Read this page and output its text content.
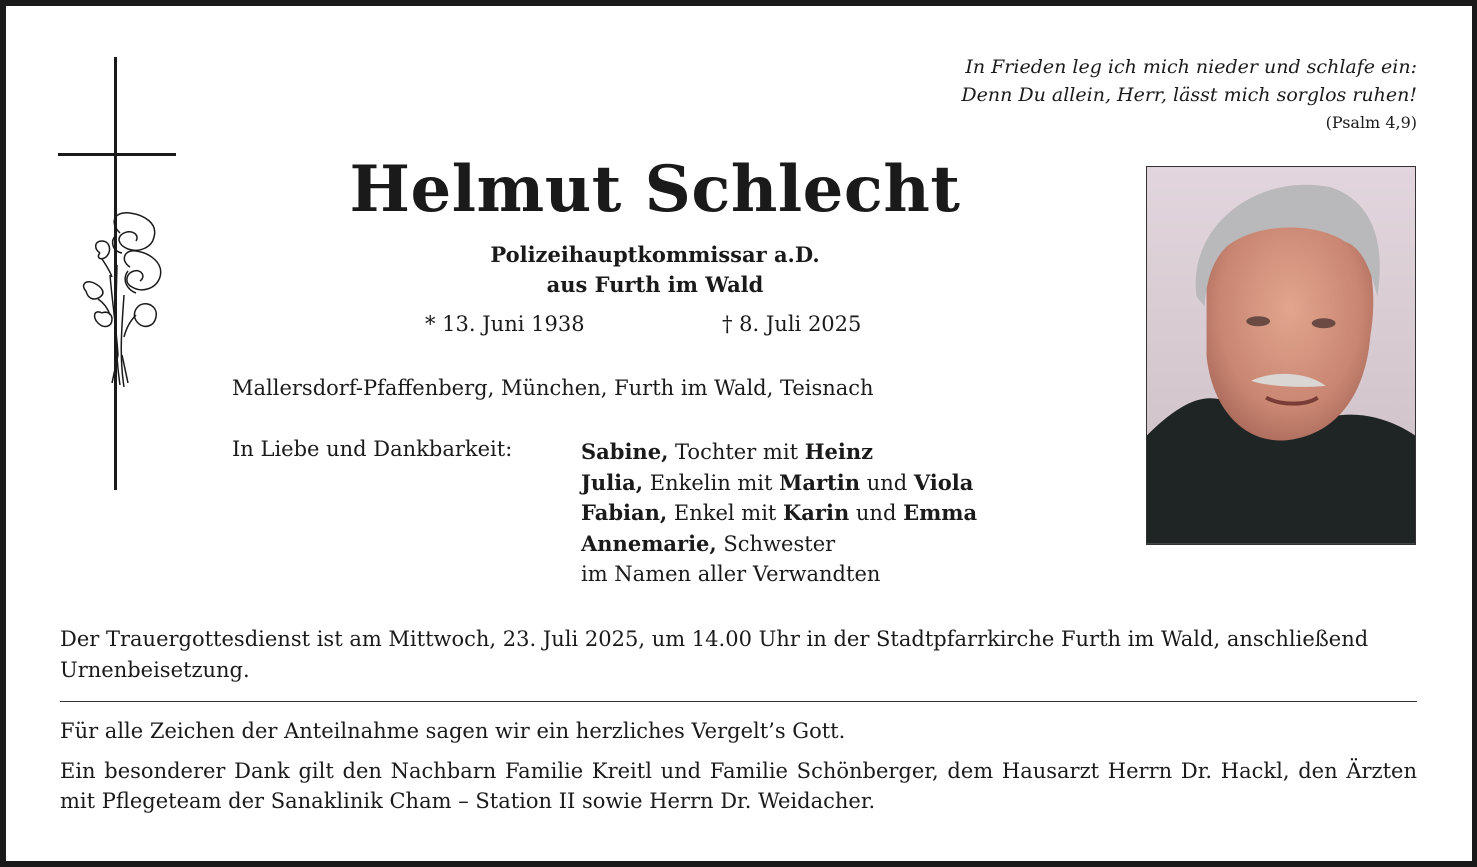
In Frieden leg ich mich nieder und schlafe ein:
Denn Du allein, Herr, lässt mich sorglos ruhen!
(Psalm 4,9)
Helmut Schlecht
Polizeihauptkommissar a.D.
aus Furth im Wald
* 13. Juni 1938	† 8. Juli 2025
Mallersdorf-Pfaffenberg, München, Furth im Wald, Teisnach
In Liebe und Dankbarkeit:	Sabine, Tochter mit Heinz
Julia, Enkelin mit Martin und Viola
Fabian, Enkel mit Karin und Emma
Annemarie, Schwester
im Namen aller Verwandten
Der Trauergottesdienst ist am Mittwoch, 23. Juli 2025, um 14.00 Uhr in der Stadtpfarrkirche Furth im Wald, anschließend Urnenbeisetzung.
Für alle Zeichen der Anteilnahme sagen wir ein herzliches Vergelt’s Gott.
Ein besonderer Dank gilt den Nachbarn Familie Kreitl und Familie Schönberger, dem Hausarzt Herrn Dr. Hackl, den Ärzten mit Pflegeteam der Sanaklinik Cham – Station II sowie Herrn Dr. Weidacher.
